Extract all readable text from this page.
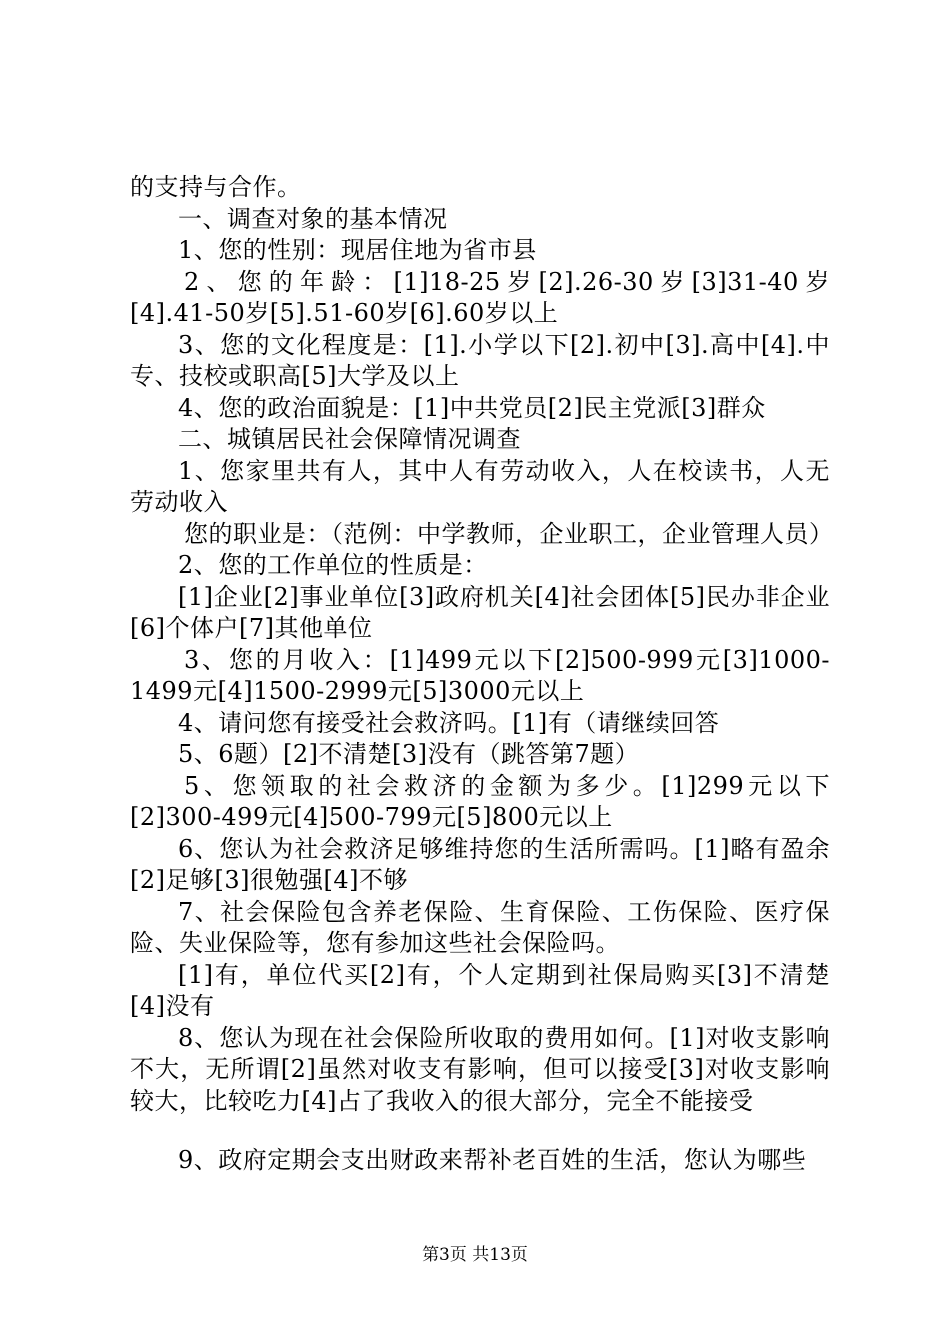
的支持与合作。

一、调查对象的基本情况

1、您的性别：现居住地为省市县

2、您的年龄：[1]18-25岁[2].26-30岁[3]31-40岁[4].41-50岁[5].51-60岁[6].60岁以上

3、您的文化程度是：[1].小学以下[2].初中[3].高中[4].中专、技校或职高[5]大学及以上

4、您的政治面貌是：[1]中共党员[2]民主党派[3]群众

二、城镇居民社会保障情况调查

1、您家里共有人，其中人有劳动收入，人在校读书，人无劳动收入

您的职业是：（范例：中学教师，企业职工，企业管理人员）

2、您的工作单位的性质是：

[1]企业[2]事业单位[3]政府机关[4]社会团体[5]民办非企业[6]个体户[7]其他单位

3、您的月收入：[1]499元以下[2]500-999元[3]1000-1499元[4]1500-2999元[5]3000元以上

4、请问您有接受社会救济吗。[1]有（请继续回答

5、6题）[2]不清楚[3]没有（跳答第7题）

5、您领取的社会救济的金额为多少。[1]299元以下[2]300-499元[4]500-799元[5]800元以上

6、您认为社会救济足够维持您的生活所需吗。[1]略有盈余[2]足够[3]很勉强[4]不够

7、社会保险包含养老保险、生育保险、工伤保险、医疗保险、失业保险等，您有参加这些社会保险吗。

[1]有，单位代买[2]有，个人定期到社保局购买[3]不清楚[4]没有

8、您认为现在社会保险所收取的费用如何。[1]对收支影响不大，无所谓[2]虽然对收支有影响，但可以接受[3]对收支影响较大，比较吃力[4]占了我收入的很大部分，完全不能接受

9、政府定期会支出财政来帮补老百姓的生活，您认为哪些

第3页 共13页
